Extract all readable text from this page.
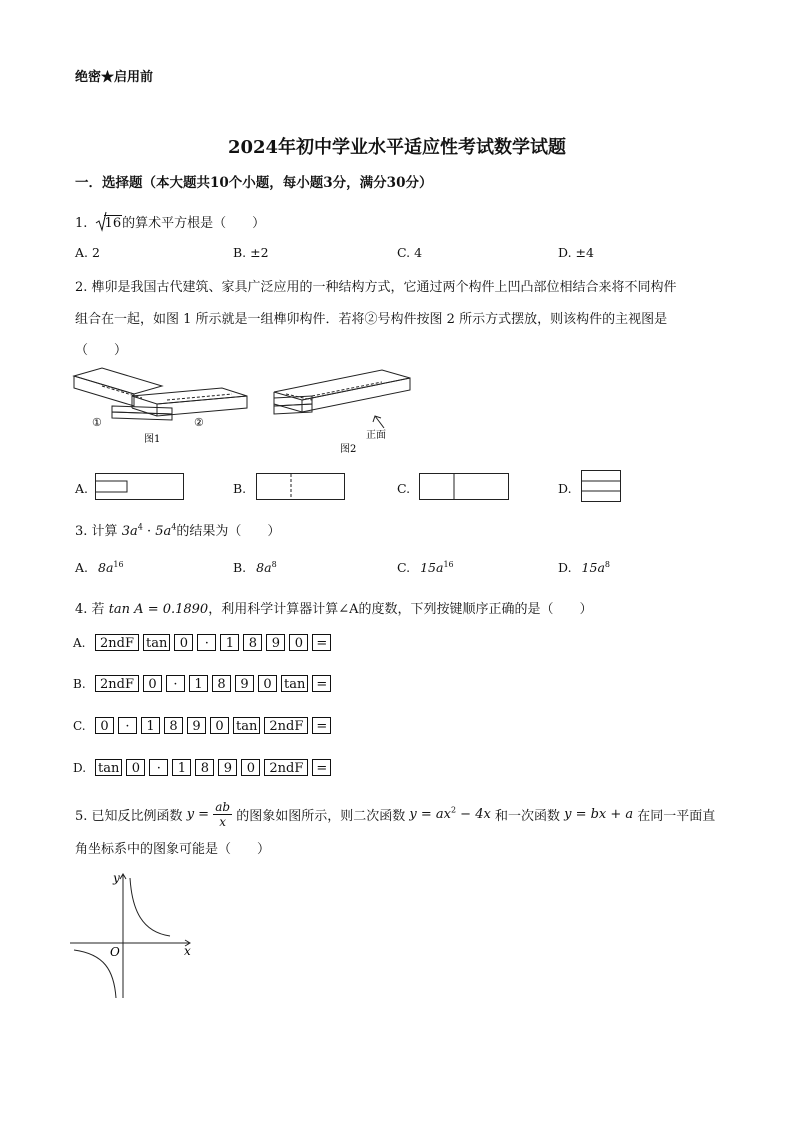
绝密★启用前
2024年初中学业水平适应性考试数学试题
一．选择题（本大题共10个小题，每小题3分，满分30分）
1. 16的算术平方根是（　　）
A. 2	B. ±2	C. 4	D. ±4
2. 榫卯是我国古代建筑、家具广泛应用的一种结构方式，它通过两个构件上凹凸部位相结合来将不同构件
组合在一起，如图 1 所示就是一组榫卯构件．若将②号构件按图 2 所示方式摆放，则该构件的主视图是
（　　）
①	②
图1	正面
图2
A.	B.	C.	D.
3. 计算 $3a^4 \cdot 5a^4$的结果为（　　）
A. $8a^{16}$	B. $8a^8$	C. $15a^{16}$	D. $15a^8$
4. 若 tan A = 0.1890，利用科学计算器计算∠A的度数，下列按键顺序正确的是（　　）
A. 2ndF tan 0 · 1 8 9 0 =
B. 2ndF 0 · 1 8 9 0 tan =
C. 0 · 1 8 9 0 tan 2ndF =
D. tan 0 · 1 8 9 0 2ndF =
5. 已知反比例函数 $y = \frac{ab}{x}$ 的图象如图所示，则二次函数 $y = ax^2 - 4x$ 和一次函数 y = bx + a 在同一平面直
角坐标系中的图象可能是（　　）
y
x
O
